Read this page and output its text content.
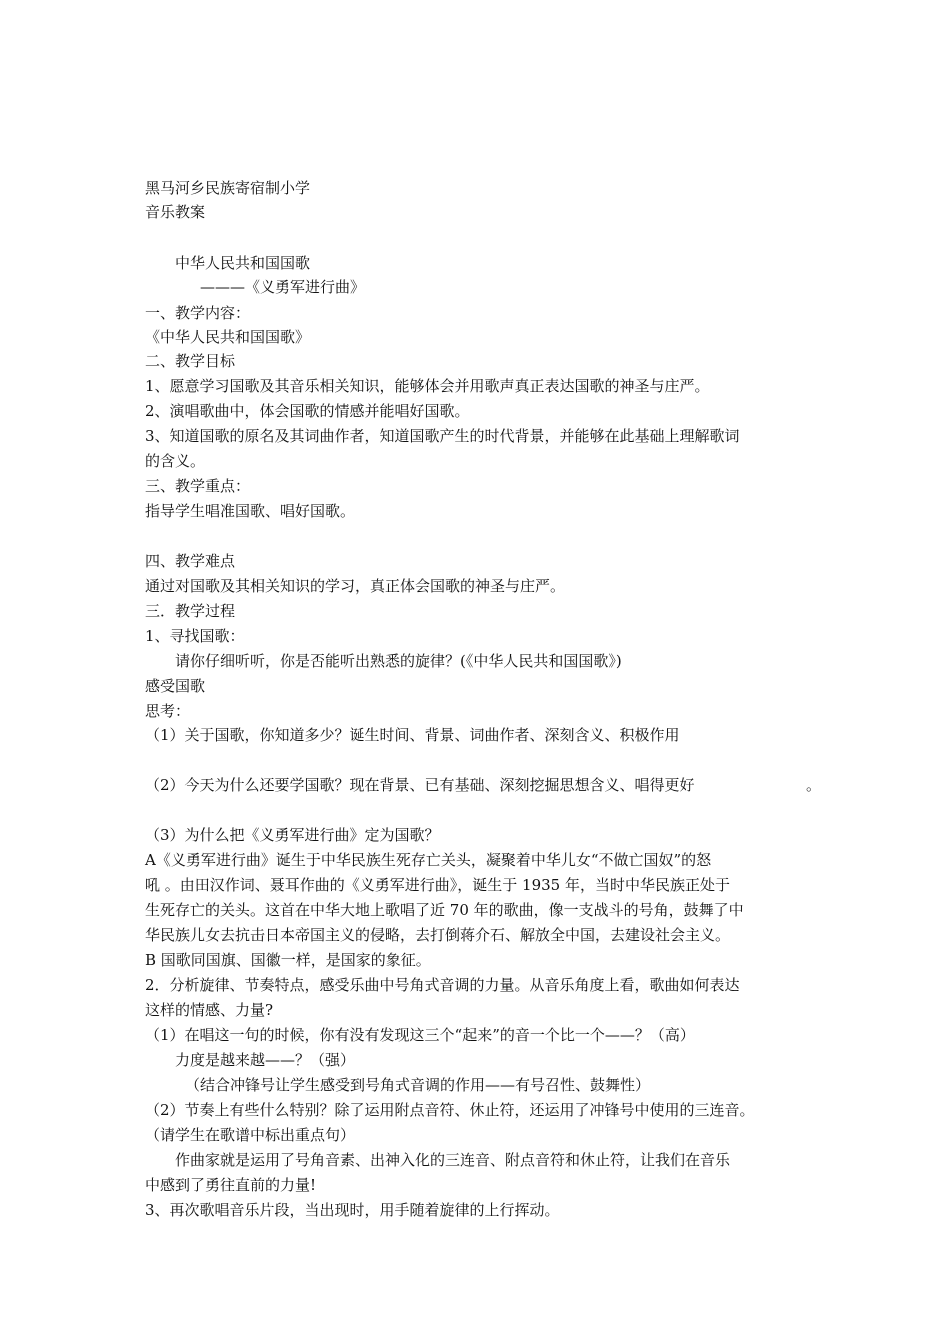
黑马河乡民族寄宿制小学
音乐教案
中华人民共和国国歌
———《义勇军进行曲》
一、教学内容：
《中华人民共和国国歌》
二、教学目标
1、愿意学习国歌及其音乐相关知识，能够体会并用歌声真正表达国歌的神圣与庄严。
2、演唱歌曲中，体会国歌的情感并能唱好国歌。
3、知道国歌的原名及其词曲作者，知道国歌产生的时代背景，并能够在此基础上理解歌词
的含义。
三、教学重点：
指导学生唱准国歌、唱好国歌。
四、教学难点
通过对国歌及其相关知识的学习，真正体会国歌的神圣与庄严。
三．教学过程
1、寻找国歌：
请你仔细听听，你是否能听出熟悉的旋律？(《中华人民共和国国歌》)
感受国歌
思考：
（1）关于国歌，你知道多少？诞生时间、背景、词曲作者、深刻含义、积极作用
（2）今天为什么还要学国歌？现在背景、已有基础、深刻挖掘思想含义、唱得更好	。
（3）为什么把《义勇军进行曲》定为国歌？
A《义勇军进行曲》诞生于中华民族生死存亡关头，凝聚着中华儿女“不做亡国奴”的怒
吼 。由田汉作词、聂耳作曲的《义勇军进行曲》，诞生于 1935 年，当时中华民族正处于
生死存亡的关头。这首在中华大地上歌唱了近 70 年的歌曲，像一支战斗的号角，鼓舞了中
华民族儿女去抗击日本帝国主义的侵略，去打倒蒋介石、解放全中国，去建设社会主义。
B 国歌同国旗、国徽一样，是国家的象征。
2．分析旋律、节奏特点，感受乐曲中号角式音调的力量。从音乐角度上看，歌曲如何表达
这样的情感、力量?
（1）在唱这一句的时候，你有没有发现这三个“起来”的音一个比一个——？（高）
力度是越来越——？（强）
（结合冲锋号让学生感受到号角式音调的作用——有号召性、鼓舞性）
（2）节奏上有些什么特别？除了运用附点音符、休止符，还运用了冲锋号中使用的三连音。
（请学生在歌谱中标出重点句）
作曲家就是运用了号角音素、出神入化的三连音、附点音符和休止符，让我们在音乐
中感到了勇往直前的力量!
3、再次歌唱音乐片段，当出现时，用手随着旋律的上行挥动。
